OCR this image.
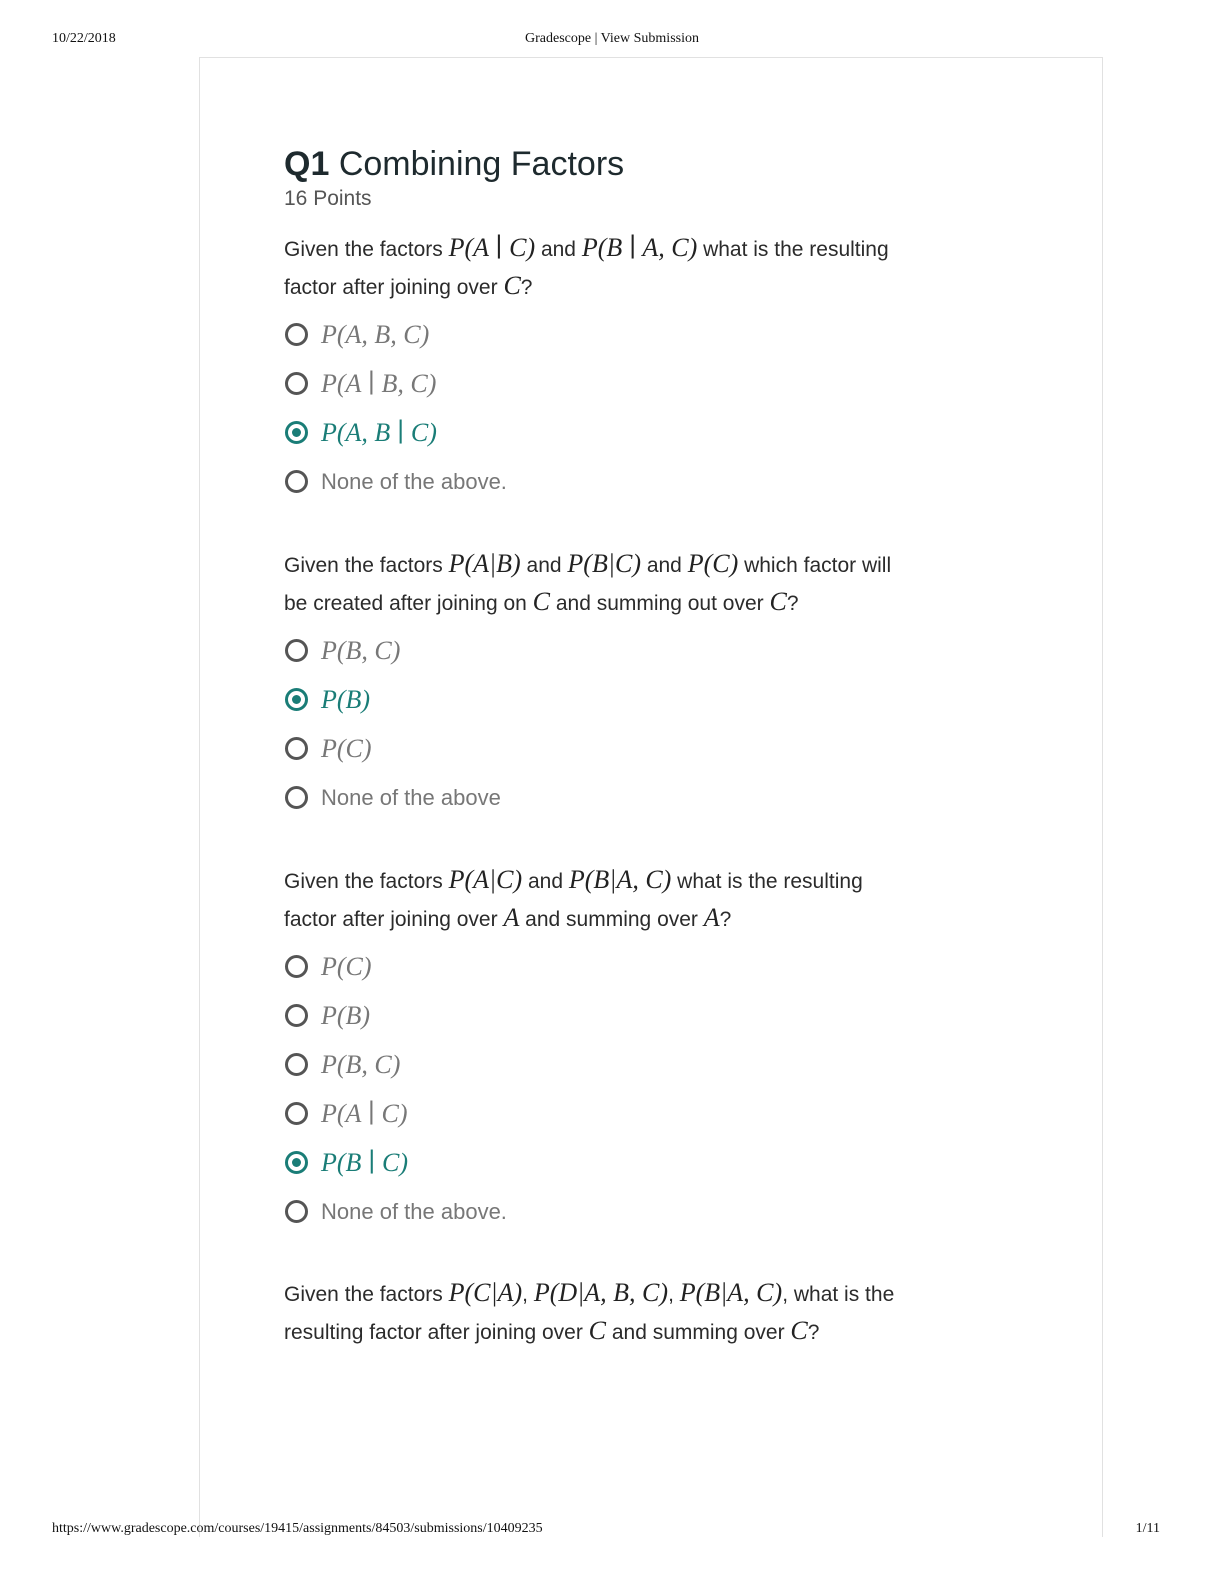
10/22/2018	Gradescope | View Submission
Q1 Combining Factors
16 Points

Given the factors P(A ∣ C) and P(B ∣ A, C) what is the resulting
factor after joining over C?

P(A, B, C)
P(A ∣ B, C)
P(A, B ∣ C)
None of the above.

Given the factors P(A|B) and P(B|C) and P(C) which factor will
be created after joining on C and summing out over C?

P(B, C)
P(B)
P(C)
None of the above

Given the factors P(A|C) and P(B|A, C) what is the resulting
factor after joining over A and summing over A?

P(C)
P(B)
P(B, C)
P(A ∣ C)
P(B ∣ C)
None of the above.

Given the factors P(C|A), P(D|A, B, C), P(B|A, C), what is the
resulting factor after joining over C and summing over C?

https://www.gradescope.com/courses/19415/assignments/84503/submissions/10409235	1/11
